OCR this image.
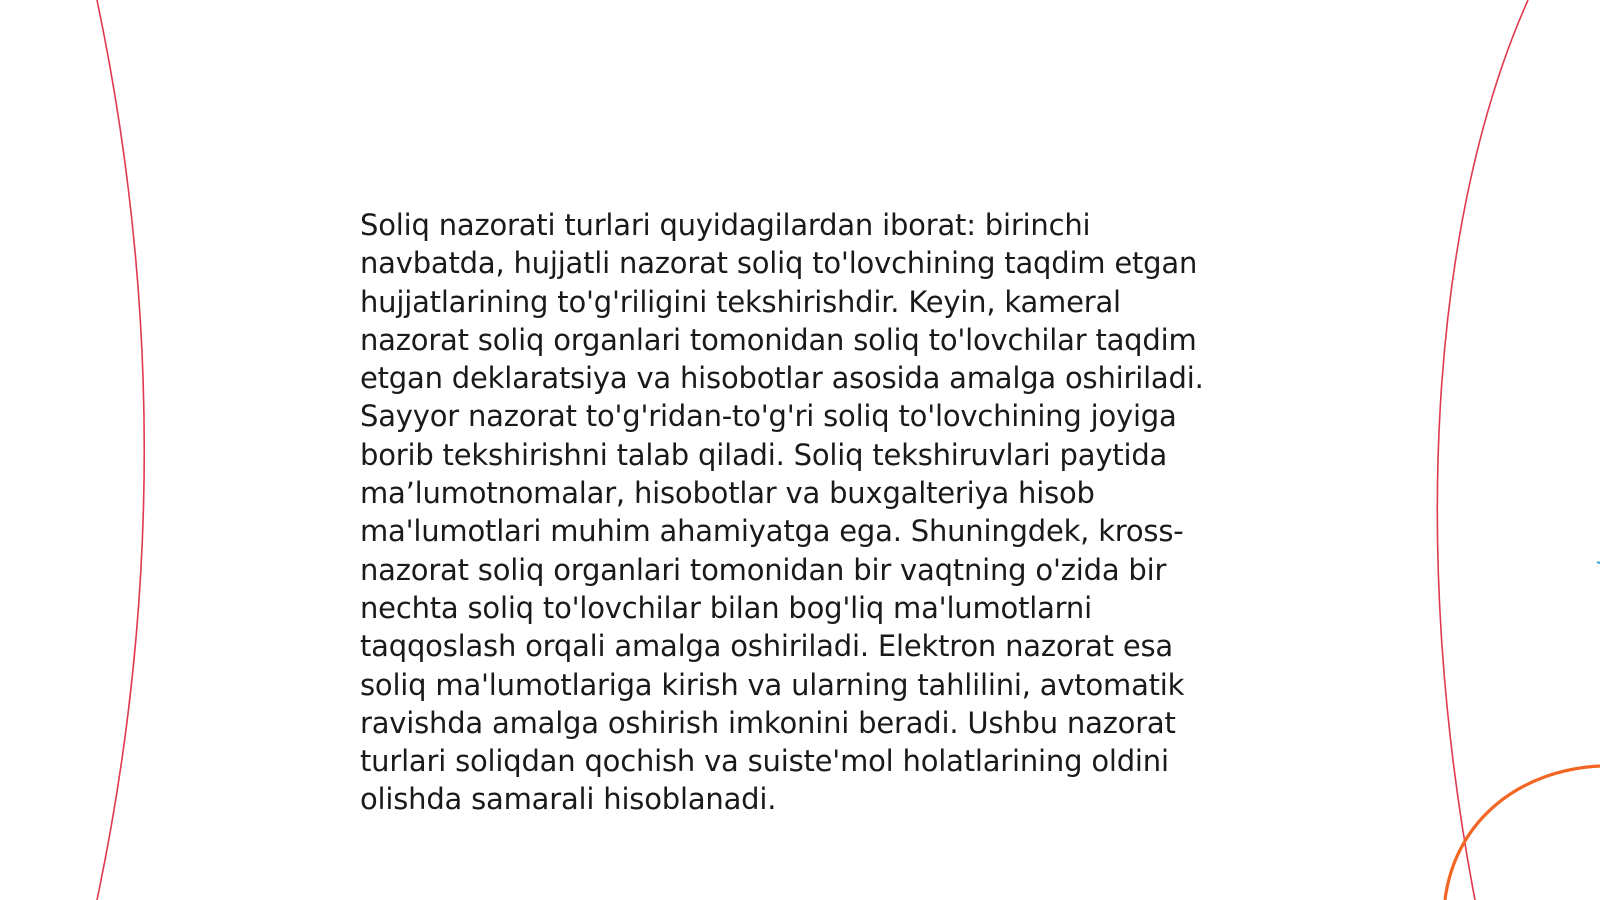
Soliq nazorati turlari quyidagilardan iborat: birinchi
navbatda, hujjatli nazorat soliq to'lovchining taqdim etgan
hujjatlarining to'g'riligini tekshirishdir. Keyin, kameral
nazorat soliq organlari tomonidan soliq to'lovchilar taqdim
etgan deklaratsiya va hisobotlar asosida amalga oshiriladi.
Sayyor nazorat to'g'ridan-to'g'ri soliq to'lovchining joyiga
borib tekshirishni talab qiladi. Soliq tekshiruvlari paytida
ma’lumotnomalar, hisobotlar va buxgalteriya hisob
ma'lumotlari muhim ahamiyatga ega. Shuningdek, kross-
nazorat soliq organlari tomonidan bir vaqtning o'zida bir
nechta soliq to'lovchilar bilan bog'liq ma'lumotlarni
taqqoslash orqali amalga oshiriladi. Elektron nazorat esa
soliq ma'lumotlariga kirish va ularning tahlilini, avtomatik
ravishda amalga oshirish imkonini beradi. Ushbu nazorat
turlari soliqdan qochish va suiste'mol holatlarining oldini
olishda samarali hisoblanadi.
